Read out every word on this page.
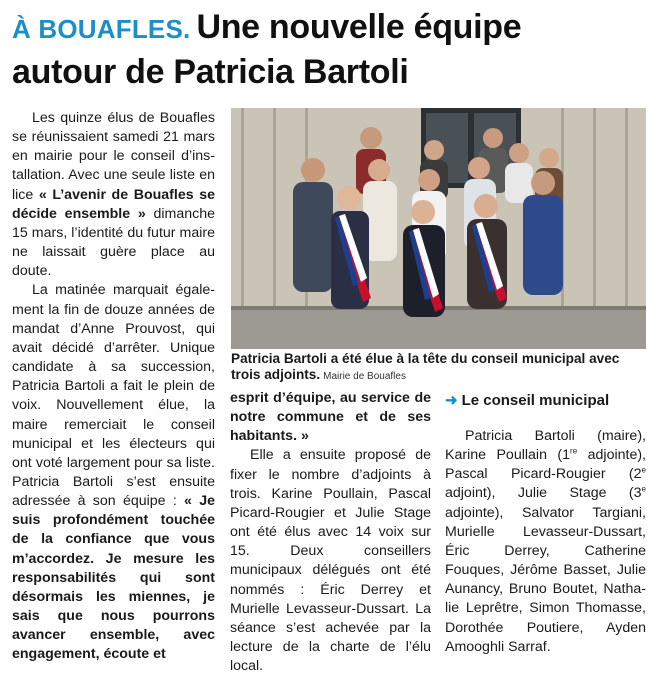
À BOUAFLES. Une nouvelle équipe
autour de Patricia Bartoli

Les quinze élus de Bouafles se réunissaient samedi 21 mars en mairie pour le conseil d’installation. Avec une seule liste en lice « L’avenir de Bouafles se décide ensemble » dimanche 15 mars, l’identité du futur maire ne laissait guère place au doute.

La matinée marquait également la fin de douze années de mandat d’Anne Prouvost, qui avait décidé d’arrêter. Unique candidate à sa succession, Patricia Bartoli a fait le plein de voix. Nouvellement élue, la maire remerciait le conseil municipal et les électeurs qui ont voté largement pour sa liste. Patricia Bartoli s’est ensuite adressée à son équipe : « Je suis profondément touchée de la confiance que vous m’accordez. Je mesure les responsabilités qui sont désormais les miennes, je sais que nous pourrons avancer ensemble, avec engagement, écoute et

Patricia Bartoli a été élue à la tête du conseil municipal avec trois adjoints. Mairie de Bouafles

esprit d’équipe, au service de notre commune et de ses habitants. »

Elle a ensuite proposé de fixer le nombre d’adjoints à trois. Karine Poullain, Pascal Picard-Rougier et Julie Stage ont été élus avec 14 voix sur 15. Deux conseillers municipaux délégués ont été nommés : Éric Derrey et Murielle Levasseur-Dussart. La séance s’est achevée par la lecture de la charte de l’élu local.

➜ Le conseil municipal

Patricia Bartoli (maire), Karine Poullain (1re adjointe), Pascal Picard-Rougier (2e adjoint), Julie Stage (3e adjointe), Salvator Targiani, Murielle Levasseur-Dussart, Éric Derrey, Catherine Fouques, Jérôme Basset, Julie Aunancy, Bruno Boutet, Nathalie Leprêtre, Simon Thomasse, Dorothée Poutiere, Ayden Amooghli Sarraf.
